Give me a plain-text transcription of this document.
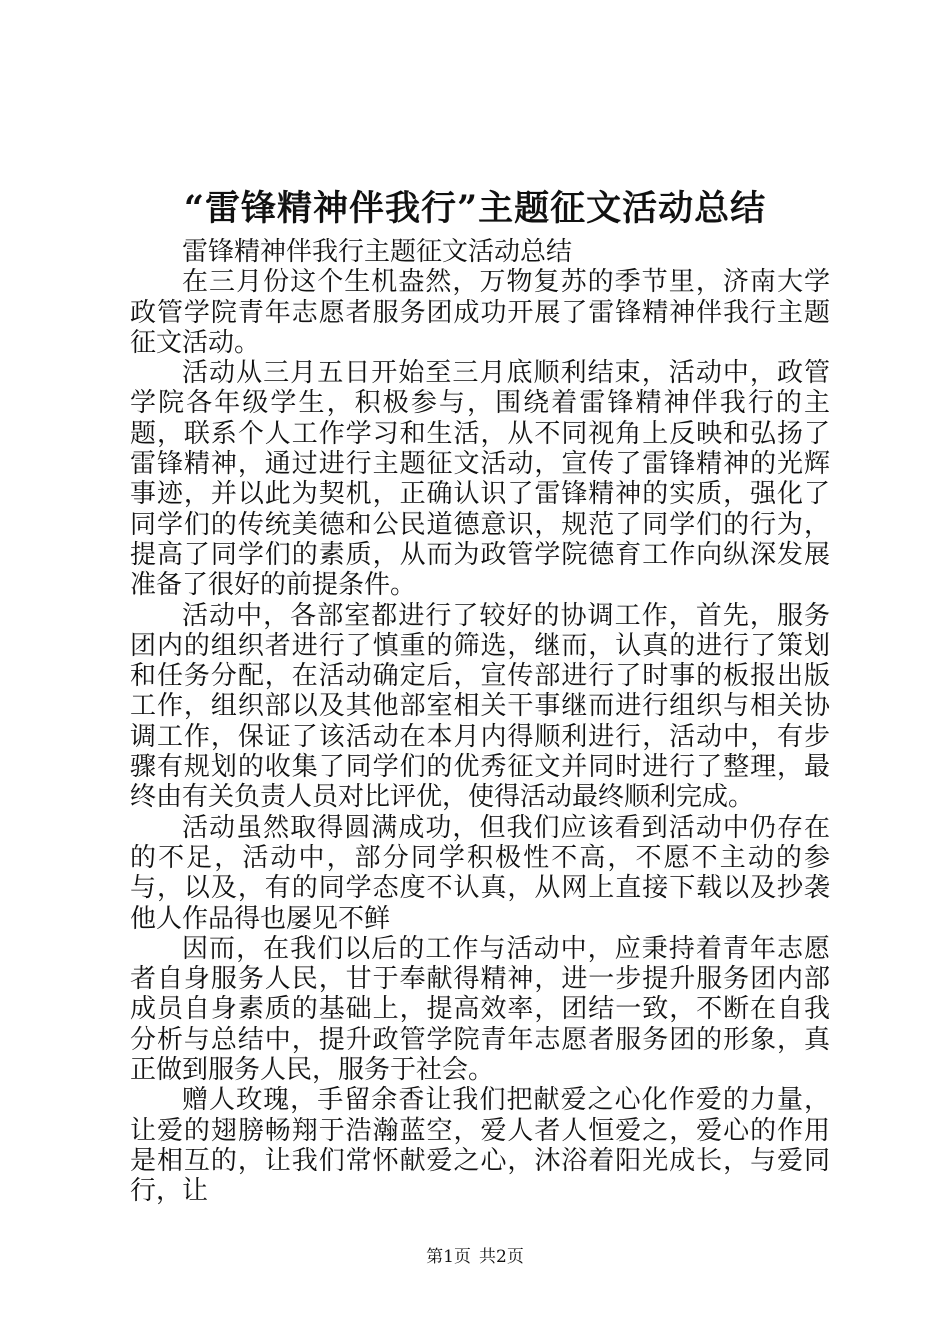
“雷锋精神伴我行”主题征文活动总结

雷锋精神伴我行主题征文活动总结

在三月份这个生机盎然，万物复苏的季节里，济南大学政管学院青年志愿者服务团成功开展了雷锋精神伴我行主题征文活动。

活动从三月五日开始至三月底顺利结束，活动中，政管学院各年级学生，积极参与，围绕着雷锋精神伴我行的主题，联系个人工作学习和生活，从不同视角上反映和弘扬了雷锋精神，通过进行主题征文活动，宣传了雷锋精神的光辉事迹，并以此为契机，正确认识了雷锋精神的实质，强化了同学们的传统美德和公民道德意识，规范了同学们的行为，提高了同学们的素质，从而为政管学院德育工作向纵深发展准备了很好的前提条件。

活动中，各部室都进行了较好的协调工作，首先，服务团内的组织者进行了慎重的筛选，继而，认真的进行了策划和任务分配，在活动确定后，宣传部进行了时事的板报出版工作，组织部以及其他部室相关干事继而进行组织与相关协调工作，保证了该活动在本月内得顺利进行，活动中，有步骤有规划的收集了同学们的优秀征文并同时进行了整理，最终由有关负责人员对比评优，使得活动最终顺利完成。

活动虽然取得圆满成功，但我们应该看到活动中仍存在的不足，活动中，部分同学积极性不高，不愿不主动的参与，以及，有的同学态度不认真，从网上直接下载以及抄袭他人作品得也屡见不鲜

因而，在我们以后的工作与活动中，应秉持着青年志愿者自身服务人民，甘于奉献得精神，进一步提升服务团内部成员自身素质的基础上，提高效率，团结一致，不断在自我分析与总结中，提升政管学院青年志愿者服务团的形象，真正做到服务人民，服务于社会。

赠人玫瑰，手留余香让我们把献爱之心化作爱的力量，让爱的翅膀畅翔于浩瀚蓝空，爱人者人恒爱之，爱心的作用是相互的，让我们常怀献爱之心，沐浴着阳光成长，与爱同行，让

第1页 共2页
